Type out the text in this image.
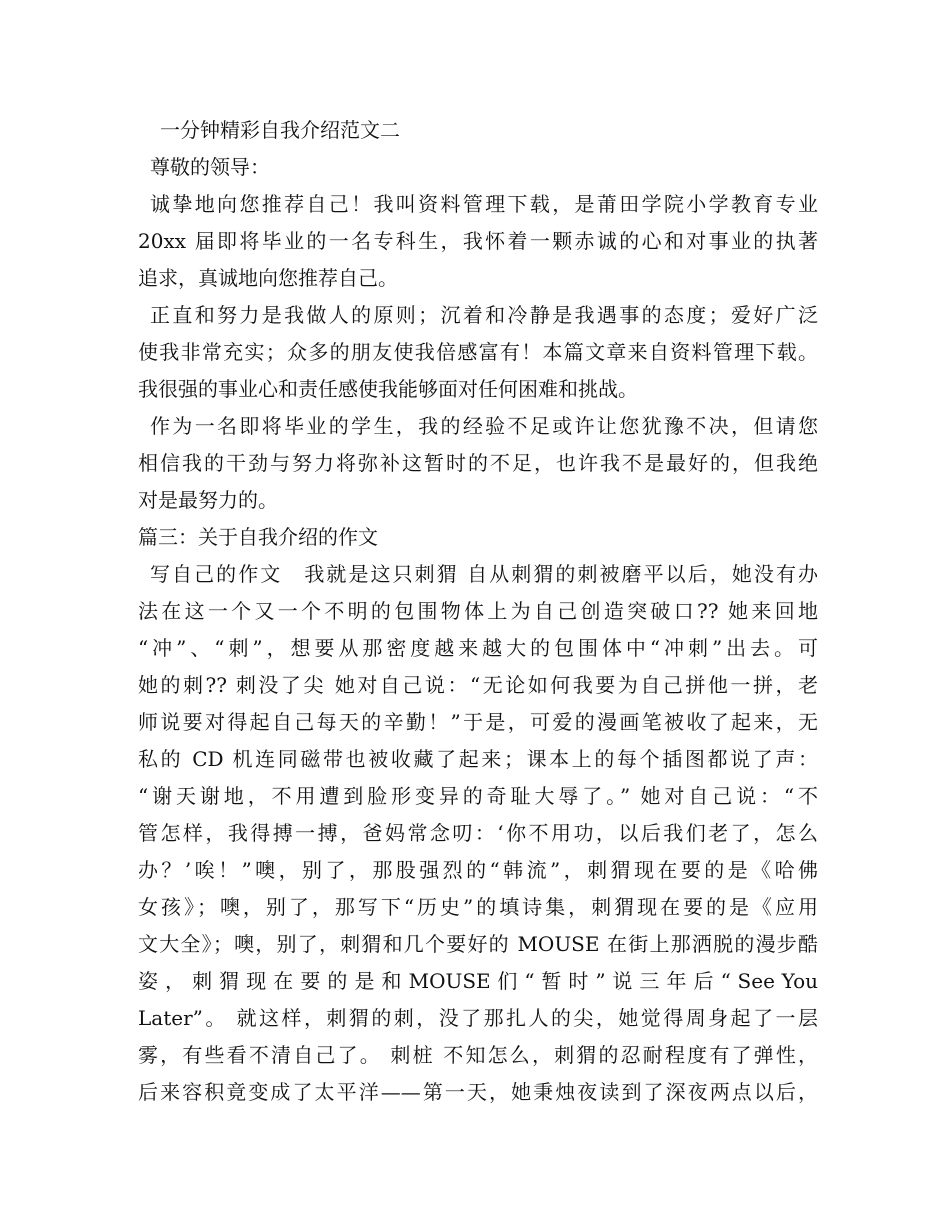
一分钟精彩自我介绍范文二
尊敬的领导：
诚挚地向您推荐自己！我叫资料管理下载，是莆田学院小学教育专业
20xx 届即将毕业的一名专科生，我怀着一颗赤诚的心和对事业的执著
追求，真诚地向您推荐自己。
正直和努力是我做人的原则；沉着和冷静是我遇事的态度；爱好广泛
使我非常充实；众多的朋友使我倍感富有！本篇文章来自资料管理下载。
我很强的事业心和责任感使我能够面对任何困难和挑战。
作为一名即将毕业的学生，我的经验不足或许让您犹豫不决，但请您
相信我的干劲与努力将弥补这暂时的不足，也许我不是最好的，但我绝
对是最努力的。
篇三：关于自我介绍的作文
写自己的作文　我就是这只刺猬 自从刺猬的刺被磨平以后，她没有办
法在这一个又一个不明的包围物体上为自己创造突破口?? 她来回地
“冲”、“刺”，想要从那密度越来越大的包围体中“冲刺”出去。可
她的刺?? 刺没了尖 她对自己说：“无论如何我要为自己拼他一拼，老
师说要对得起自己每天的辛勤！”于是，可爱的漫画笔被收了起来，无
私的 CD 机连同磁带也被收藏了起来；课本上的每个插图都说了声：
“谢天谢地，不用遭到脸形变异的奇耻大辱了。” 她对自己说：“不
管怎样，我得搏一搏，爸妈常念叨：‘你不用功，以后我们老了，怎么
办？’唉！”噢，别了，那股强烈的“韩流”，刺猬现在要的是《哈佛
女孩》；噢，别了，那写下“历史”的填诗集，刺猬现在要的是《应用
文大全》；噢，别了，刺猬和几个要好的 MOUSE 在街上那洒脱的漫步酷
姿 ， 刺 猬 现 在 要 的 是 和 MOUSE 们 “ 暂 时 ” 说 三 年 后 “ See You
Later”。 就这样，刺猬的刺，没了那扎人的尖，她觉得周身起了一层
雾，有些看不清自己了。 刺桩 不知怎么，刺猬的忍耐程度有了弹性，
后来容积竟变成了太平洋——第一天，她秉烛夜读到了深夜两点以后，
